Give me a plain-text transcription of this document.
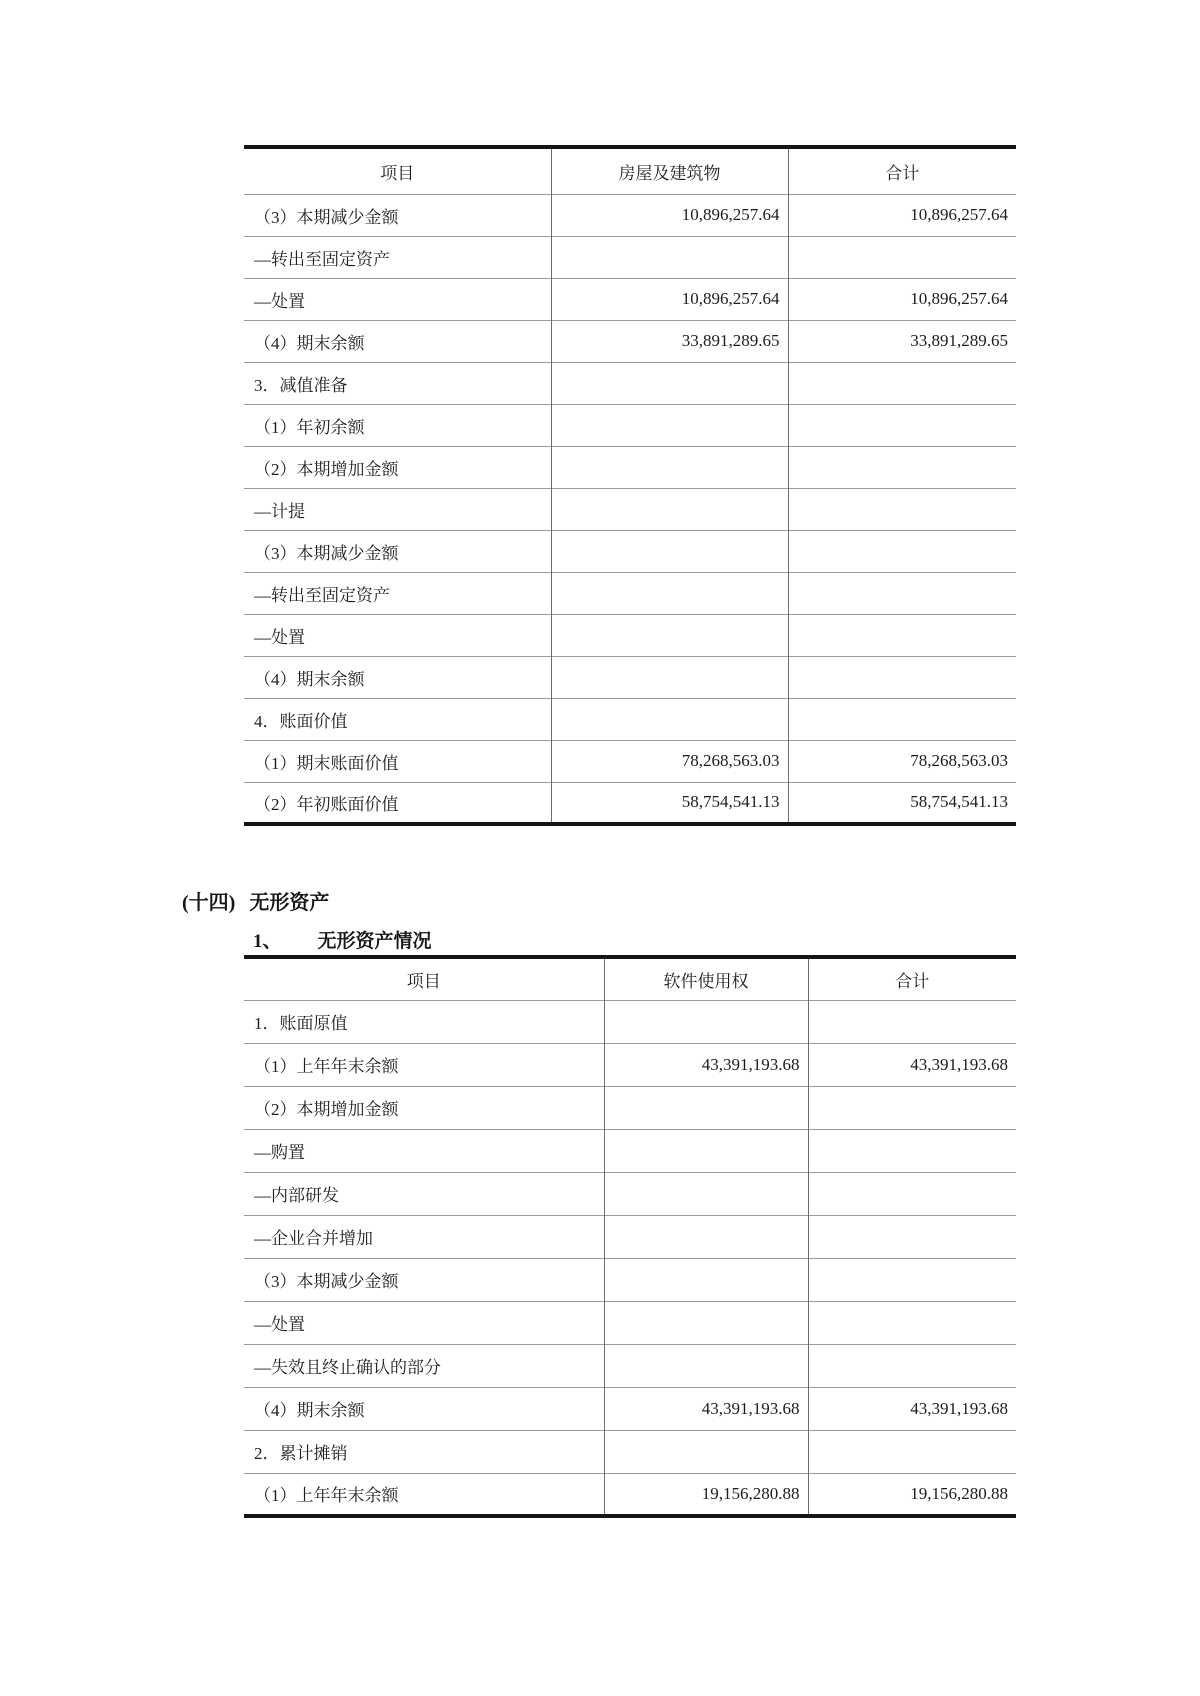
项目	房屋及建筑物	合计
（3）本期减少金额	10,896,257.64	10,896,257.64
—转出至固定资产		
—处置	10,896,257.64	10,896,257.64
（4）期末余额	33,891,289.65	33,891,289.65
3．减值准备		
（1）年初余额		
（2）本期增加金额		
—计提		
（3）本期减少金额		
—转出至固定资产		
—处置		
（4）期末余额		
4．账面价值		
（1）期末账面价值	78,268,563.03	78,268,563.03
（2）年初账面价值	58,754,541.13	58,754,541.13
(十四) 无形资产
1、 无形资产情况
项目	软件使用权	合计
1．账面原值		
（1）上年年末余额	43,391,193.68	43,391,193.68
（2）本期增加金额		
—购置		
—内部研发		
—企业合并增加		
（3）本期减少金额		
—处置		
—失效且终止确认的部分		
（4）期末余额	43,391,193.68	43,391,193.68
2．累计摊销		
（1）上年年末余额	19,156,280.88	19,156,280.88
